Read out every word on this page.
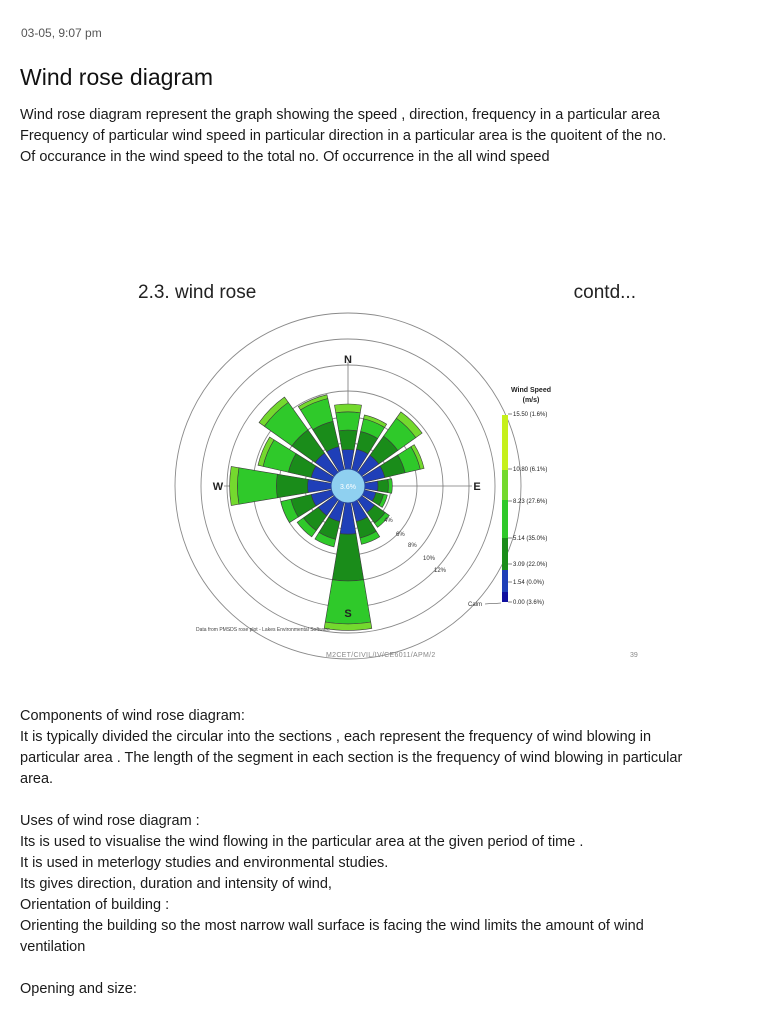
03-05, 9:07 pm
Wind rose diagram
Wind rose diagram represent the graph showing the speed , direction, frequency in a particular area
Frequency of particular wind speed in particular direction in a particular area is the quoitent of the no.
Of occurance in the wind speed to the total no. Of occurrence in the all wind speed
2.3. wind rose	contd...
3.6%
N
S
E
W
4%
6%
8%
10%
12%
Wind Speed
(m/s)
15.50 (1.6%)
10.80 (6.1%)
8.23 (27.6%)
5.14 (35.0%)
3.09 (22.0%)
1.54 (0.0%)
0.00 (3.6%)
Calm
Data from PMSDS rose plot - Lakes Environmental Software
M2CET/CIVIL/IV/CE6011/APM/2	39
Components of wind rose diagram:
It is typically divided the circular into the sections , each represent the frequency of wind blowing in
particular area . The length of the segment in each section is the frequency of wind blowing in particular
area.
Uses of wind rose diagram :
Its is used to visualise the wind flowing in the particular area at the given period of time .
It is used in meterlogy studies and environmental studies.
Its gives direction, duration and intensity of wind,
Orientation of building :
Orienting the building so the most narrow wall surface is facing the wind limits the amount of wind
ventilation
Opening and size:
